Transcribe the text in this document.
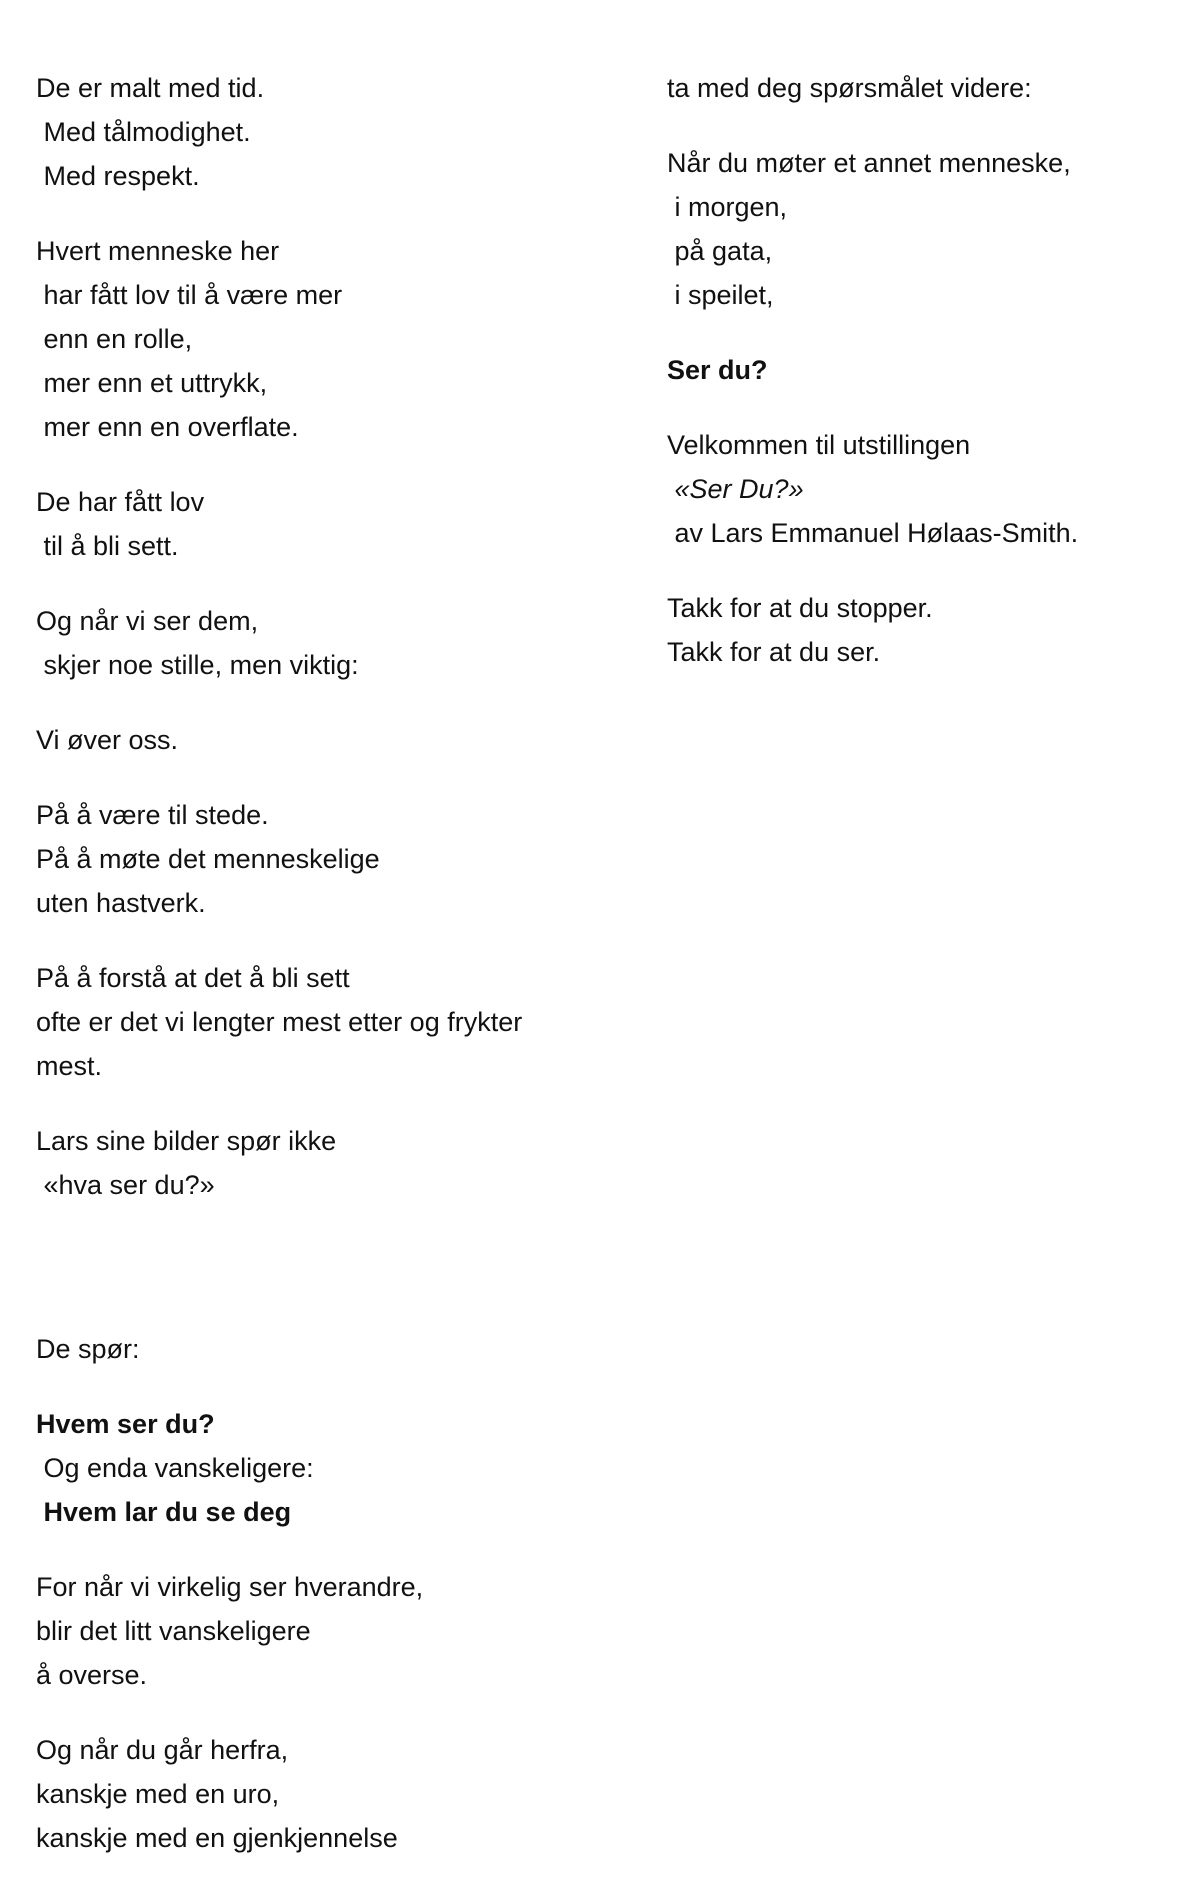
De er malt med tid.
Med tålmodighet.
Med respekt.
Hvert menneske her
har fått lov til å være mer
enn en rolle,
mer enn et uttrykk,
mer enn en overflate.
De har fått lov
til å bli sett.
Og når vi ser dem,
skjer noe stille, men viktig:
Vi øver oss.
På å være til stede.
På å møte det menneskelige
uten hastverk.
På å forstå at det å bli sett
ofte er det vi lengter mest etter og frykter
mest.
Lars sine bilder spør ikke
«hva ser du?»
De spør:
Hvem ser du?
Og enda vanskeligere:
Hvem lar du se deg
For når vi virkelig ser hverandre,
blir det litt vanskeligere
å overse.
Og når du går herfra,
kanskje med en uro,
kanskje med en gjenkjennelse
ta med deg spørsmålet videre:
Når du møter et annet menneske,
i morgen,
på gata,
i speilet,
Ser du?
Velkommen til utstillingen
«Ser Du?»
av Lars Emmanuel Hølaas-Smith.
Takk for at du stopper.
Takk for at du ser.
